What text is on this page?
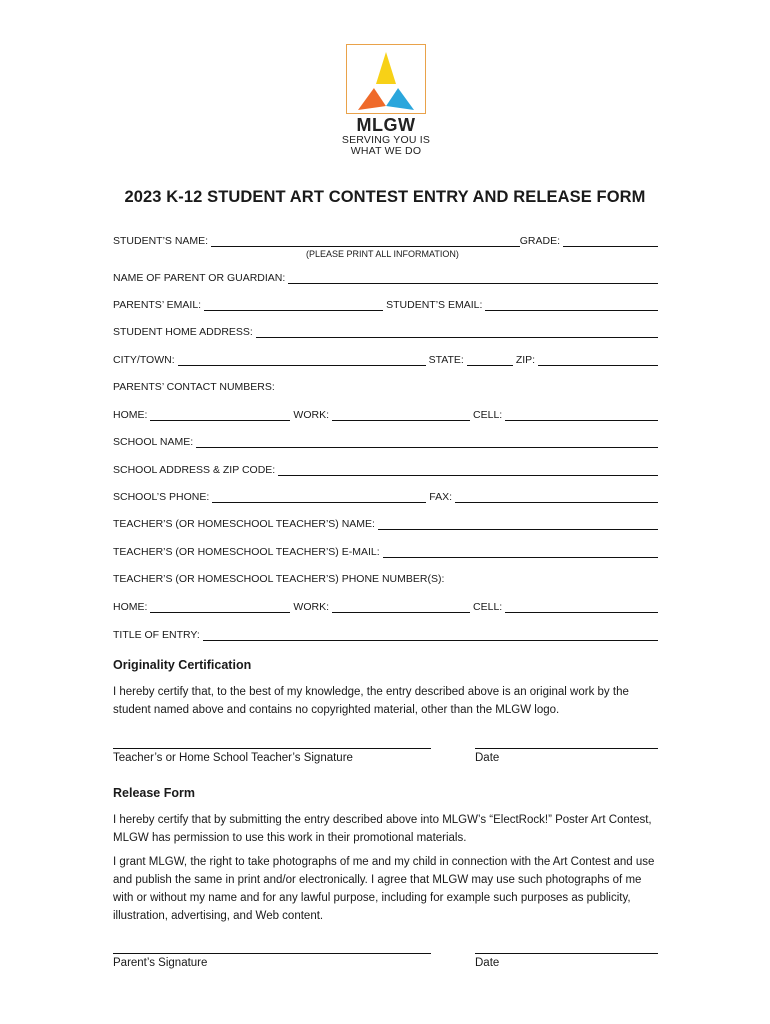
MLGW
SERVING YOU IS
WHAT WE DO
2023 K-12 STUDENT ART CONTEST ENTRY AND RELEASE FORM
STUDENT’S NAME:	GRADE:
(PLEASE PRINT ALL INFORMATION)
NAME OF PARENT OR GUARDIAN:
PARENTS’ EMAIL:	STUDENT’S EMAIL:
STUDENT HOME ADDRESS:
CITY/TOWN:	STATE:	ZIP:
PARENTS’ CONTACT NUMBERS:
HOME:	WORK:	CELL:
SCHOOL NAME:
SCHOOL ADDRESS & ZIP CODE:
SCHOOL’S PHONE:	FAX:
TEACHER’S (OR HOMESCHOOL TEACHER’S) NAME:
TEACHER’S (OR HOMESCHOOL TEACHER’S) E-MAIL:
TEACHER’S (OR HOMESCHOOL TEACHER’S) PHONE NUMBER(S):
HOME:	WORK:	CELL:
TITLE OF ENTRY:
Originality Certification
I hereby certify that, to the best of my knowledge, the entry described above is an original work by the student named above and contains no copyrighted material, other than the MLGW logo.
Teacher’s or Home School Teacher’s Signature	Date
Release Form
I hereby certify that by submitting the entry described above into MLGW’s “ElectRock!” Poster Art Contest, MLGW has permission to use this work in their promotional materials.
I grant MLGW, the right to take photographs of me and my child in connection with the Art Contest and use and publish the same in print and/or electronically. I agree that MLGW may use such photographs of me with or without my name and for any lawful purpose, including for example such purposes as publicity, illustration, advertising, and Web content.
Parent’s Signature	Date
